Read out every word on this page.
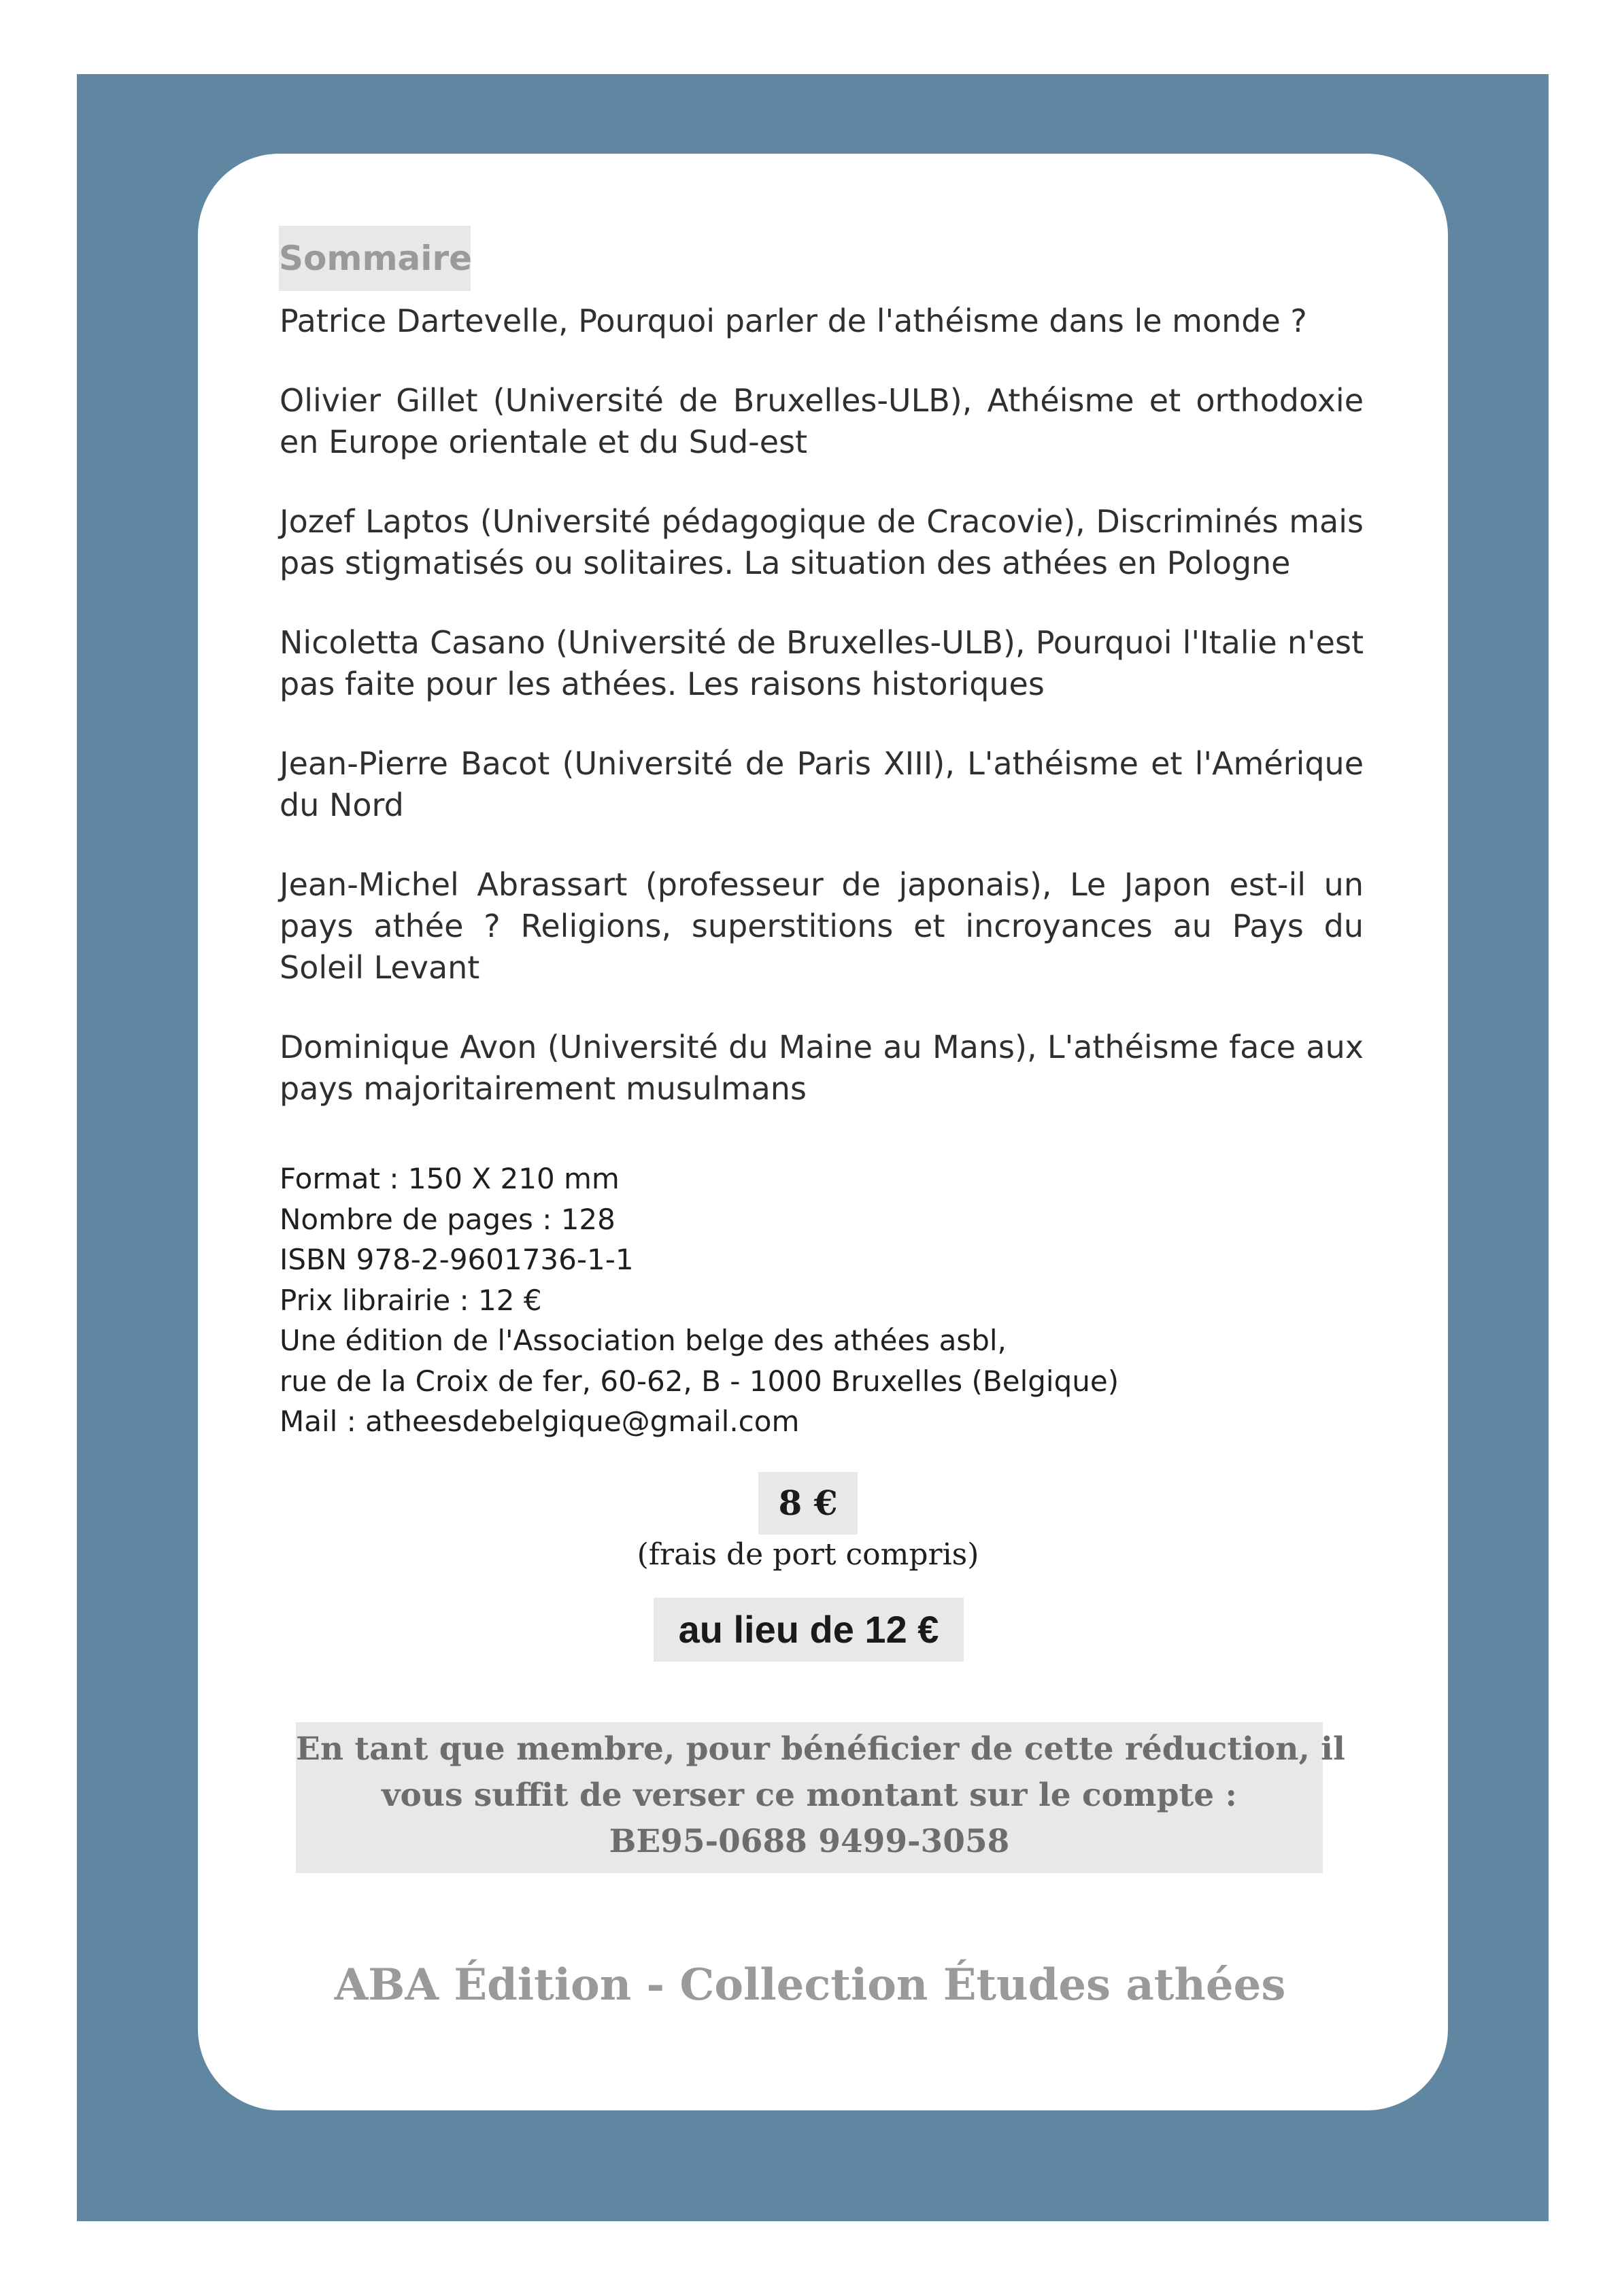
Sommaire

Patrice Dartevelle, Pourquoi parler de l'athéisme dans le monde ?

Olivier Gillet (Université de Bruxelles-ULB), Athéisme et orthodoxie en Europe orientale et du Sud-est

Jozef Laptos (Université pédagogique de Cracovie), Discriminés mais pas stigmatisés ou solitaires. La situation des athées en Pologne

Nicoletta Casano (Université de Bruxelles-ULB), Pourquoi l'Italie n'est pas faite pour les athées. Les raisons historiques

Jean-Pierre Bacot (Université de Paris XIII), L'athéisme et l'Amérique du Nord

Jean-Michel Abrassart (professeur de japonais), Le Japon est-il un pays athée ? Religions, superstitions et incroyances au Pays du Soleil Levant

Dominique Avon (Université du Maine au Mans), L'athéisme face aux pays majoritairement musulmans

Format : 150 X 210 mm
Nombre de pages : 128
ISBN 978-2-9601736-1-1
Prix librairie : 12 €
Une édition de l'Association belge des athées asbl,
rue de la Croix de fer, 60-62, B - 1000 Bruxelles (Belgique)
Mail : atheesdebelgique@gmail.com
8 €
(frais de port compris)
au lieu de 12 €
En tant que membre, pour bénéficier de cette réduction, il
vous suffit de verser ce montant sur le compte :
BE95-0688 9499-3058
ABA Édition - Collection Études athées
